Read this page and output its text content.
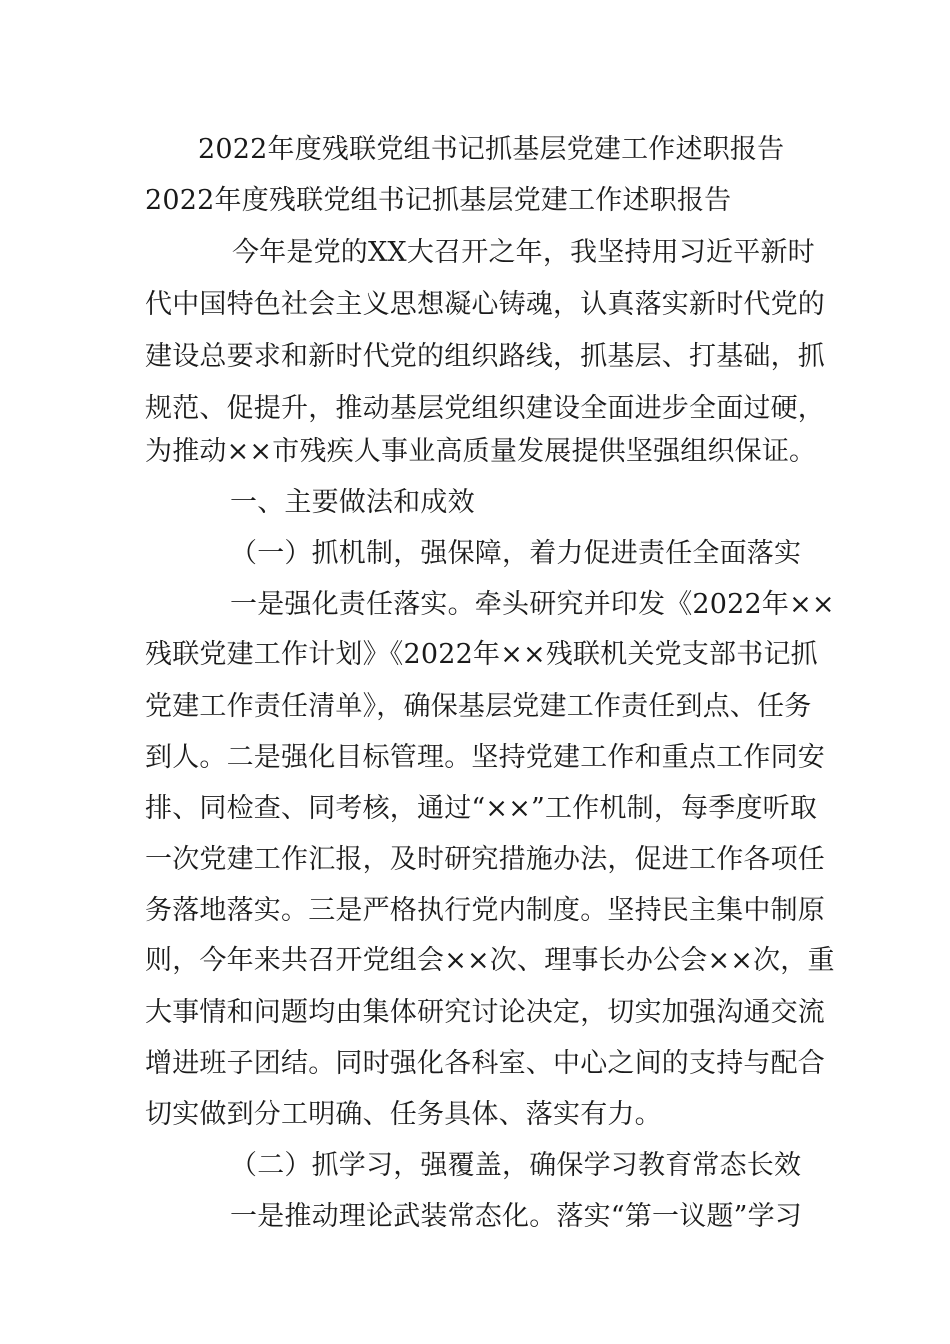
2022年度残联党组书记抓基层党建工作述职报告
2022年度残联党组书记抓基层党建工作述职报告
今年是党的XX大召开之年，我坚持用习近平新时
代中国特色社会主义思想凝心铸魂，认真落实新时代党的
建设总要求和新时代党的组织路线，抓基层、打基础，抓
规范、促提升，推动基层党组织建设全面进步全面过硬，
为推动××市残疾人事业高质量发展提供坚强组织保证。
一、主要做法和成效
（一）抓机制，强保障，着力促进责任全面落实
一是强化责任落实。牵头研究并印发《2022年××
残联党建工作计划》《2022年××残联机关党支部书记抓
党建工作责任清单》，确保基层党建工作责任到点、任务
到人。二是强化目标管理。坚持党建工作和重点工作同安
排、同检查、同考核，通过“××”工作机制，每季度听取
一次党建工作汇报，及时研究措施办法，促进工作各项任
务落地落实。三是严格执行党内制度。坚持民主集中制原
则，今年来共召开党组会××次、理事长办公会××次，重
大事情和问题均由集体研究讨论决定，切实加强沟通交流
增进班子团结。同时强化各科室、中心之间的支持与配合
切实做到分工明确、任务具体、落实有力。
（二）抓学习，强覆盖，确保学习教育常态长效
一是推动理论武装常态化。落实“第一议题”学习
